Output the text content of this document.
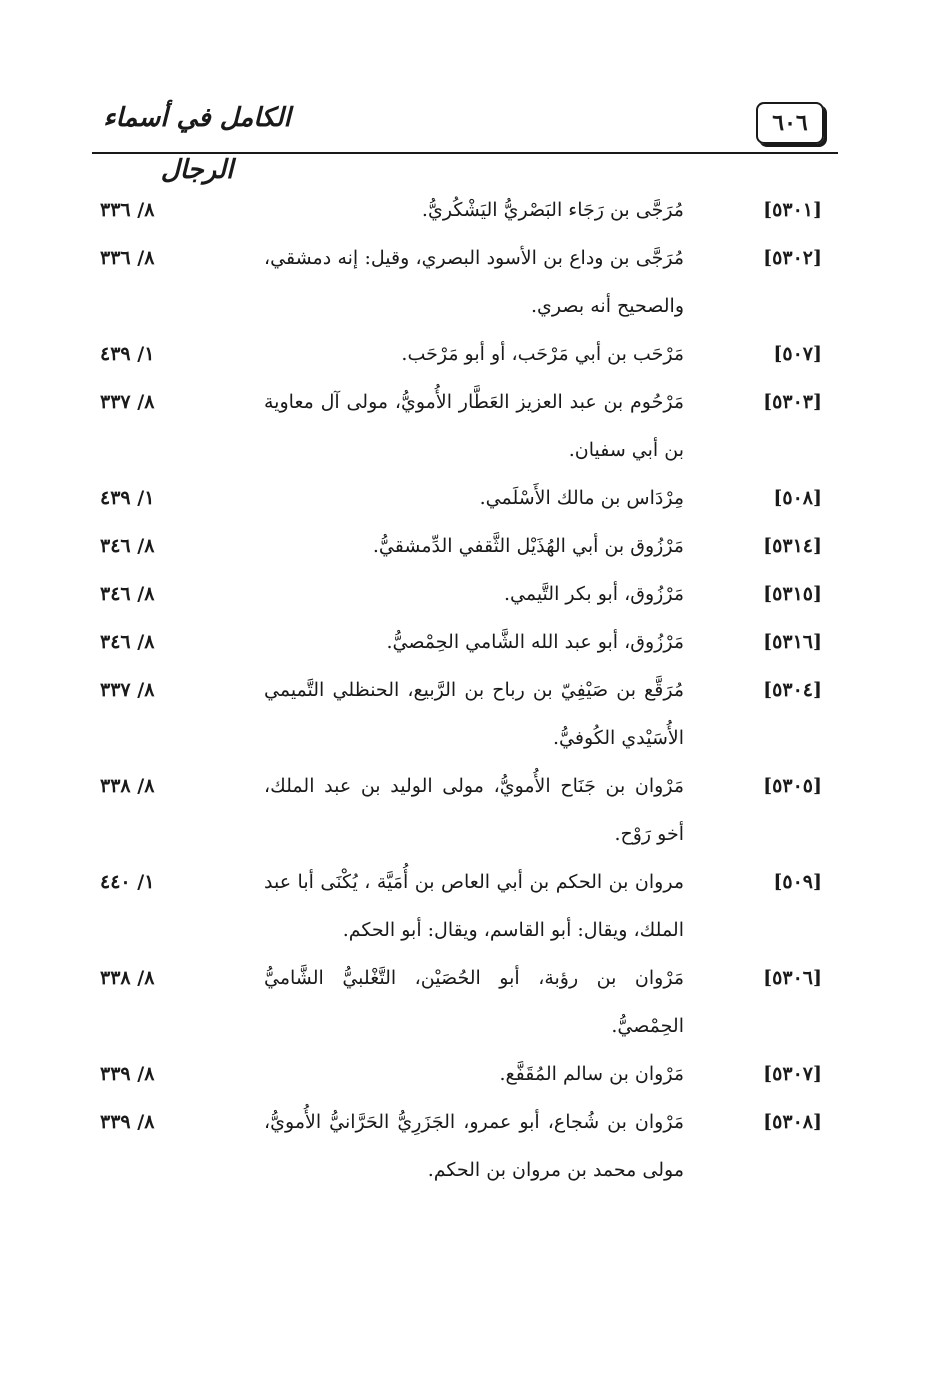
الكامل في أسماء الرجال
٦٠٦
[٥٣٠١]
مُرَجَّى بن رَجَاء البَصْريُّ اليَشْكُريُّ.
٨/ ٣٣٦
[٥٣٠٢]
مُرَجَّى بن وداع بن الأسود البصري، وقيل: إنه دمشقي، والصحيح أنه بصري.
٨/ ٣٣٦
[٥٠٧]
مَرْحَب بن أبي مَرْحَب، أو أبو مَرْحَب.
١/ ٤٣٩
[٥٣٠٣]
مَرْحُوم بن عبد العزيز العَطَّار الأُمويُّ، مولى آل معاوية بن أبي سفيان.
٨/ ٣٣٧
[٥٠٨]
مِرْدَاس بن مالك الأَسْلَمي.
١/ ٤٣٩
[٥٣١٤]
مَرْزُوق بن أبي الهُذَيْل الثَّقفي الدِّمشقيُّ.
٨/ ٣٤٦
[٥٣١٥]
مَرْزُوق، أبو بكر التَّيمي.
٨/ ٣٤٦
[٥٣١٦]
مَرْزُوق، أبو عبد الله الشَّامي الحِمْصيُّ.
٨/ ٣٤٦
[٥٣٠٤]
مُرَقَّع بن صَيْفِيّ بن رباح بن الرَّبيع، الحنظلي التَّميمي الأُسَيْدي الكُوفيُّ.
٨/ ٣٣٧
[٥٣٠٥]
مَرْوان بن جَنَاح الأُمويُّ، مولى الوليد بن عبد الملك، أخو رَوْح.
٨/ ٣٣٨
[٥٠٩]
مروان بن الحكم بن أبي العاص بن أُمَيَّة ، يُكْنَى أبا عبد الملك، ويقال: أبو القاسم، ويقال: أبو الحكم.
١/ ٤٤٠
[٥٣٠٦]
مَرْوان بن رؤبة، أبو الحُصَيْن، التَّغْلبيُّ الشَّاميُّ الحِمْصيُّ.
٨/ ٣٣٨
[٥٣٠٧]
مَرْوان بن سالم المُقَفَّع.
٨/ ٣٣٩
[٥٣٠٨]
مَرْوان بن شُجاع، أبو عمرو، الجَزَرِيُّ الحَرَّانيُّ الأُمويُّ، مولى محمد بن مروان بن الحكم.
٨/ ٣٣٩
